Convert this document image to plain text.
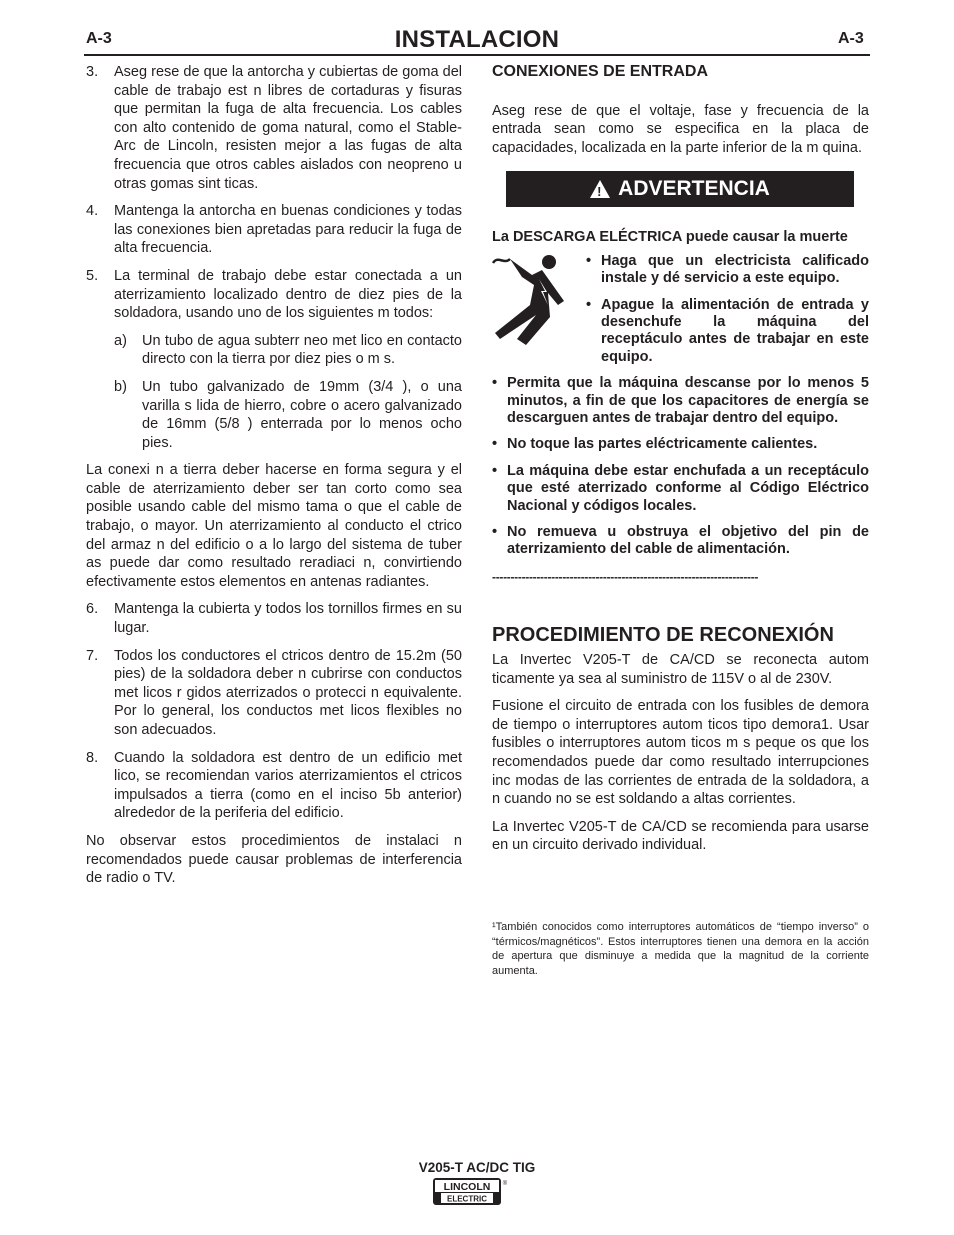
A-3	INSTALACION	A-3
3.	Aseg rese de que la antorcha y cubiertas de goma del cable de trabajo est n libres de cortaduras y fisuras que permitan la fuga de alta frecuencia. Los cables con alto contenido de goma natural, como el Stable-Arc de Lincoln, resisten mejor a las fugas de alta frecuencia que otros cables aislados con neopreno u otras gomas sint ticas.
4.	Mantenga la antorcha en buenas condiciones y todas las conexiones bien apretadas para reducir la fuga de alta frecuencia.
5.	La terminal de trabajo debe estar conectada a un aterrizamiento localizado dentro de diez pies de la soldadora, usando uno de los siguientes m todos:
a)	Un tubo de agua subterr neo met lico en contacto directo con la tierra por diez pies o m s.
b)	Un tubo galvanizado de 19mm (3/4 ), o una varilla s lida de hierro, cobre o acero galvanizado de 16mm (5/8 ) enterrada por lo menos ocho pies.
La conexi n a tierra deber hacerse en forma segura y el cable de aterrizamiento deber ser tan corto como sea posible usando cable del mismo tama o que el cable de trabajo, o mayor. Un aterrizamiento al conducto el ctrico del armaz n del edificio o a lo largo del sistema de tuber as puede dar como resultado reradiaci n, convirtiendo efectivamente estos elementos en antenas radiantes.
6.	Mantenga la cubierta y todos los tornillos firmes en su lugar.
7.	Todos los conductores el ctricos dentro de 15.2m (50 pies) de la soldadora deber n cubrirse con conductos met licos r gidos aterrizados o protecci n equivalente. Por lo general, los conductos met licos flexibles no son adecuados.
8.	Cuando la soldadora est dentro de un edificio met lico, se recomiendan varios aterrizamientos el ctricos impulsados a tierra (como en el inciso 5b anterior) alrededor de la periferia del edificio.
No observar estos procedimientos de instalaci n recomendados puede causar problemas de interferencia de radio o TV.
CONEXIONES DE ENTRADA
Aseg rese de que el voltaje, fase y frecuencia de la entrada sean como se especifica en la placa de capacidades, localizada en la parte inferior de la m quina.
! ADVERTENCIA
La DESCARGA ELÉCTRICA puede causar la muerte
• Haga que un electricista calificado instale y dé servicio a este equipo.
• Apague la alimentación de entrada y desenchufe la máquina del receptáculo antes de trabajar en este equipo.
• Permita que la máquina descanse por lo menos 5 minutos, a fin de que los capacitores de energía se descarguen antes de trabajar dentro del equipo.
• No toque las partes eléctricamente calientes.
• La máquina debe estar enchufada a un receptáculo que esté aterrizado conforme al Código Eléctrico Nacional y códigos locales.
• No remueva u obstruya el objetivo del pin de aterrizamiento del cable de alimentación.
------------------------------------------------------------------------
PROCEDIMIENTO DE RECONEXIÓN
La Invertec V205-T de CA/CD se reconecta autom ticamente ya sea al suministro de 115V o al de 230V.
Fusione el circuito de entrada con los fusibles de demora de tiempo o interruptores autom ticos tipo demora1. Usar fusibles o interruptores autom ticos m s peque os que los recomendados puede dar como resultado interrupciones inc modas de las corrientes de entrada de la soldadora, a n cuando no se est soldando a altas corrientes.
La Invertec V205-T de CA/CD se recomienda para usarse en un circuito derivado individual.
¹También conocidos como interruptores automáticos de “tiempo inverso” o “térmicos/magnéticos”. Estos interruptores tienen una demora en la acción de apertura que disminuye a medida que la magnitud de la corriente aumenta.
V205-T AC/DC TIG
LINCOLN
ELECTRIC
®
